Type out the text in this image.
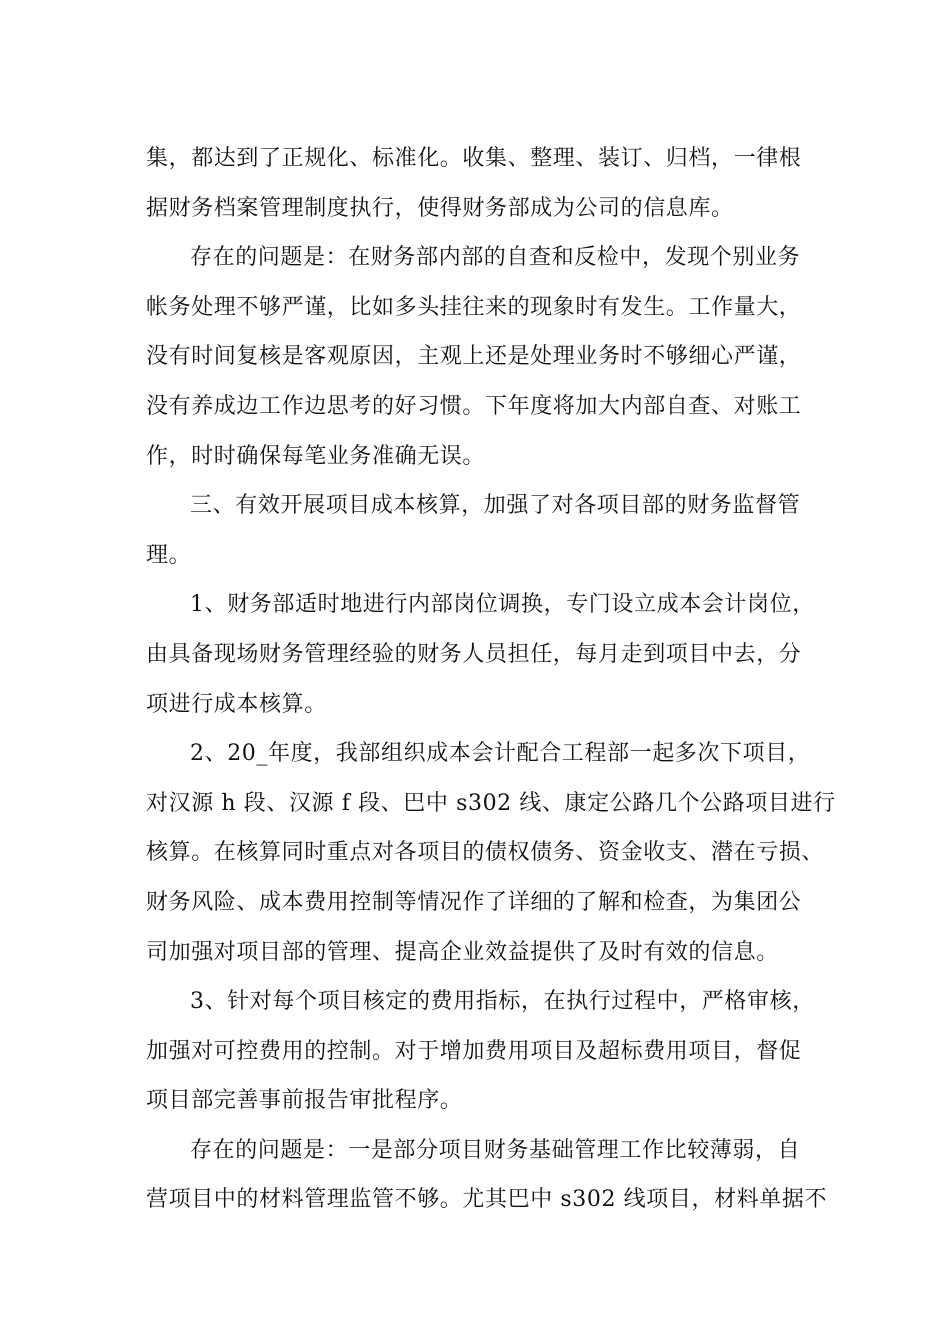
集，都达到了正规化、标准化。收集、整理、装订、归档，一律根
据财务档案管理制度执行，使得财务部成为公司的信息库。
存在的问题是：在财务部内部的自查和反检中，发现个别业务
帐务处理不够严谨，比如多头挂往来的现象时有发生。工作量大，
没有时间复核是客观原因，主观上还是处理业务时不够细心严谨，
没有养成边工作边思考的好习惯。下年度将加大内部自查、对账工
作，时时确保每笔业务准确无误。
三、有效开展项目成本核算，加强了对各项目部的财务监督管
理。
1、财务部适时地进行内部岗位调换，专门设立成本会计岗位，
由具备现场财务管理经验的财务人员担任，每月走到项目中去，分
项进行成本核算。
2、20_年度，我部组织成本会计配合工程部一起多次下项目，
对汉源 h 段、汉源 f 段、巴中 s302 线、康定公路几个公路项目进行
核算。在核算同时重点对各项目的债权债务、资金收支、潜在亏损、
财务风险、成本费用控制等情况作了详细的了解和检查，为集团公
司加强对项目部的管理、提高企业效益提供了及时有效的信息。
3、针对每个项目核定的费用指标，在执行过程中，严格审核，
加强对可控费用的控制。对于增加费用项目及超标费用项目，督促
项目部完善事前报告审批程序。
存在的问题是：一是部分项目财务基础管理工作比较薄弱，自
营项目中的材料管理监管不够。尤其巴中 s302 线项目，材料单据不
